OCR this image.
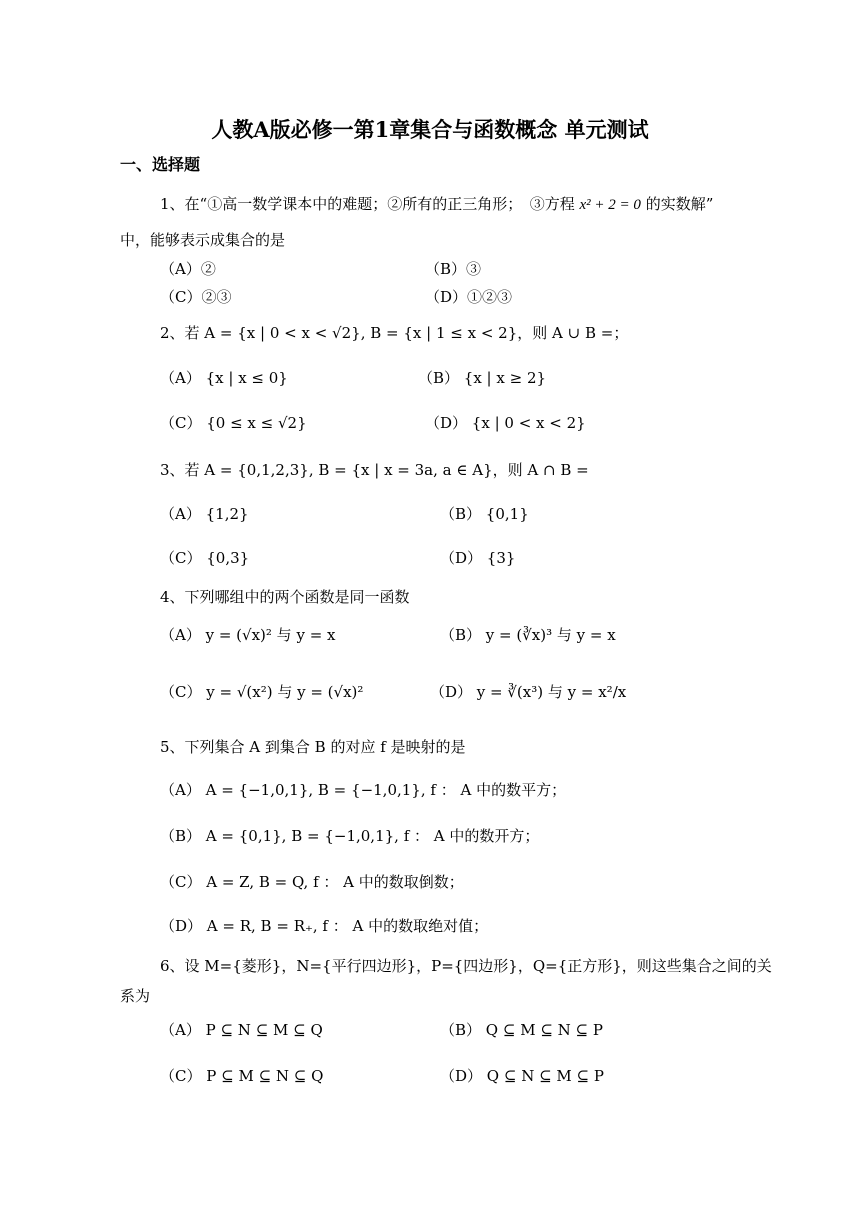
人教A版必修一第1章集合与函数概念 单元测试
一、选择题
1、在“①高一数学课本中的难题；②所有的正三角形；　③方程 x² + 2 = 0 的实数解”
中，能够表示成集合的是
（A）②	（B）③
（C）②③	（D）①②③
2、若 A = {x | 0 < x < √2}, B = {x | 1 ≤ x < 2}，则 A ∪ B =；
（A） {x | x ≤ 0}	（B） {x | x ≥ 2}
（C） {0 ≤ x ≤ √2}	（D） {x | 0 < x < 2}
3、若 A = {0,1,2,3}, B = {x | x = 3a, a ∈ A}，则 A ∩ B =
（A） {1,2}	（B） {0,1}
（C） {0,3}	（D） {3}
4、下列哪组中的两个函数是同一函数
（A） y = (√x)² 与 y = x	（B） y = (∛x)³ 与 y = x
（C） y = √(x²) 与 y = (√x)²	（D） y = ∛(x³) 与 y = x²/x
5、下列集合 A 到集合 B 的对应 f 是映射的是
（A） A = {−1,0,1}, B = {−1,0,1}, f ： A 中的数平方；
（B） A = {0,1}, B = {−1,0,1}, f ： A 中的数开方；
（C） A = Z, B = Q, f ： A 中的数取倒数；
（D） A = R, B = R₊, f ： A 中的数取绝对值；
6、设 M={菱形}，N={平行四边形}，P={四边形}，Q={正方形}，则这些集合之间的关
系为
（A） P ⊆ N ⊆ M ⊆ Q	（B） Q ⊆ M ⊆ N ⊆ P
（C） P ⊆ M ⊆ N ⊆ Q	（D） Q ⊆ N ⊆ M ⊆ P
